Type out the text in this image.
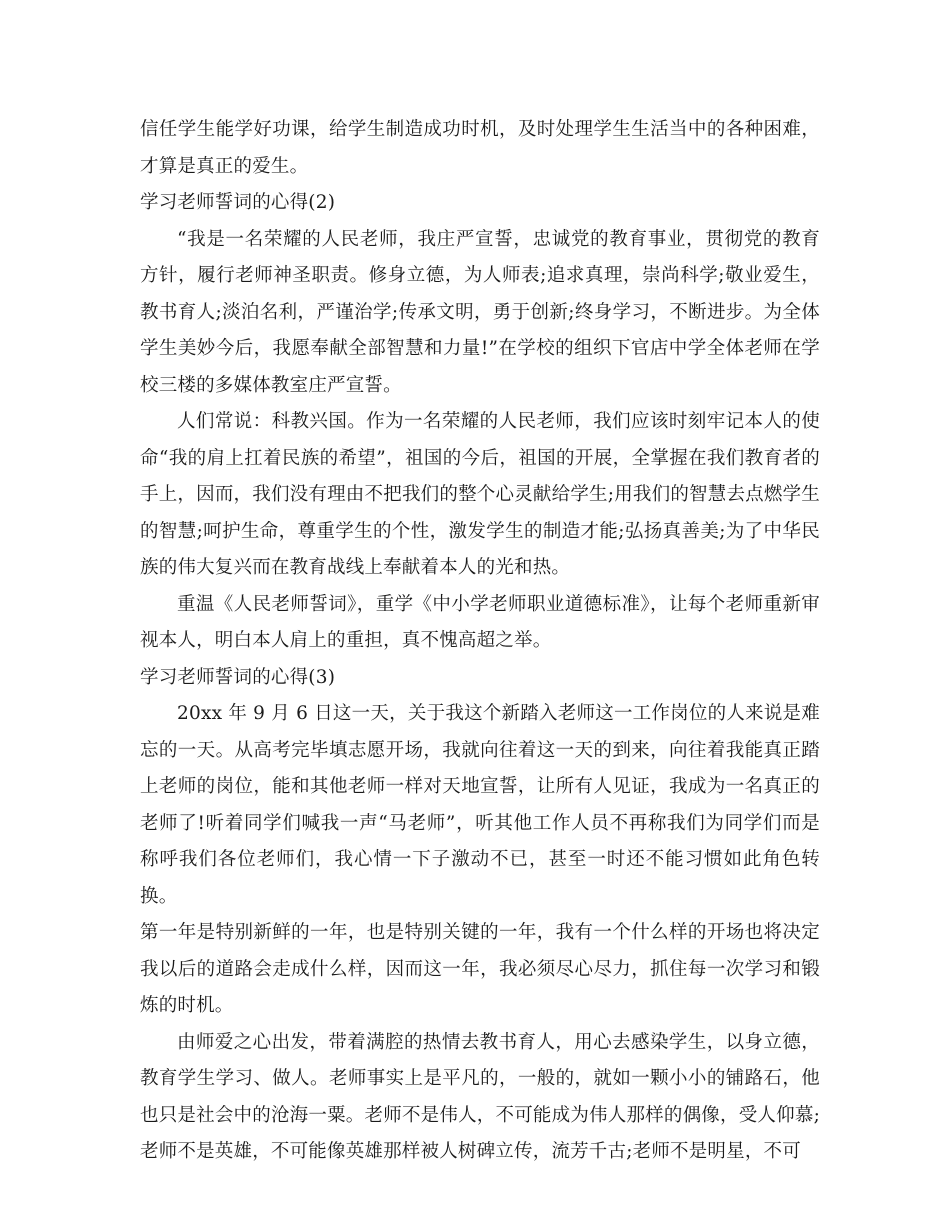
信任学生能学好功课，给学生制造成功时机，及时处理学生生活当中的各种困难，才算是真正的爱生。

学习老师誓词的心得(2)

“我是一名荣耀的人民老师，我庄严宣誓，忠诚党的教育事业，贯彻党的教育方针，履行老师神圣职责。修身立德，为人师表;追求真理，崇尚科学;敬业爱生，教书育人;淡泊名利，严谨治学;传承文明，勇于创新;终身学习，不断进步。为全体学生美妙今后，我愿奉献全部智慧和力量!”在学校的组织下官店中学全体老师在学校三楼的多媒体教室庄严宣誓。

人们常说：科教兴国。作为一名荣耀的人民老师，我们应该时刻牢记本人的使命“我的肩上扛着民族的希望”，祖国的今后，祖国的开展，全掌握在我们教育者的手上，因而，我们没有理由不把我们的整个心灵献给学生;用我们的智慧去点燃学生的智慧;呵护生命，尊重学生的个性，激发学生的制造才能;弘扬真善美;为了中华民族的伟大复兴而在教育战线上奉献着本人的光和热。

重温《人民老师誓词》，重学《中小学老师职业道德标准》，让每个老师重新审视本人，明白本人肩上的重担，真不愧高超之举。

学习老师誓词的心得(3)

20xx 年 9 月 6 日这一天，关于我这个新踏入老师这一工作岗位的人来说是难忘的一天。从高考完毕填志愿开场，我就向往着这一天的到来，向往着我能真正踏上老师的岗位，能和其他老师一样对天地宣誓，让所有人见证，我成为一名真正的老师了!听着同学们喊我一声“马老师”，听其他工作人员不再称我们为同学们而是称呼我们各位老师们，我心情一下子激动不已，甚至一时还不能习惯如此角色转换。

第一年是特别新鲜的一年，也是特别关键的一年，我有一个什么样的开场也将决定我以后的道路会走成什么样，因而这一年，我必须尽心尽力，抓住每一次学习和锻炼的时机。

由师爱之心出发，带着满腔的热情去教书育人，用心去感染学生，以身立德，教育学生学习、做人。老师事实上是平凡的，一般的，就如一颗小小的铺路石，他也只是社会中的沧海一粟。老师不是伟人，不可能成为伟人那样的偶像，受人仰慕;老师不是英雄，不可能像英雄那样被人树碑立传，流芳千古;老师不是明星，不可
